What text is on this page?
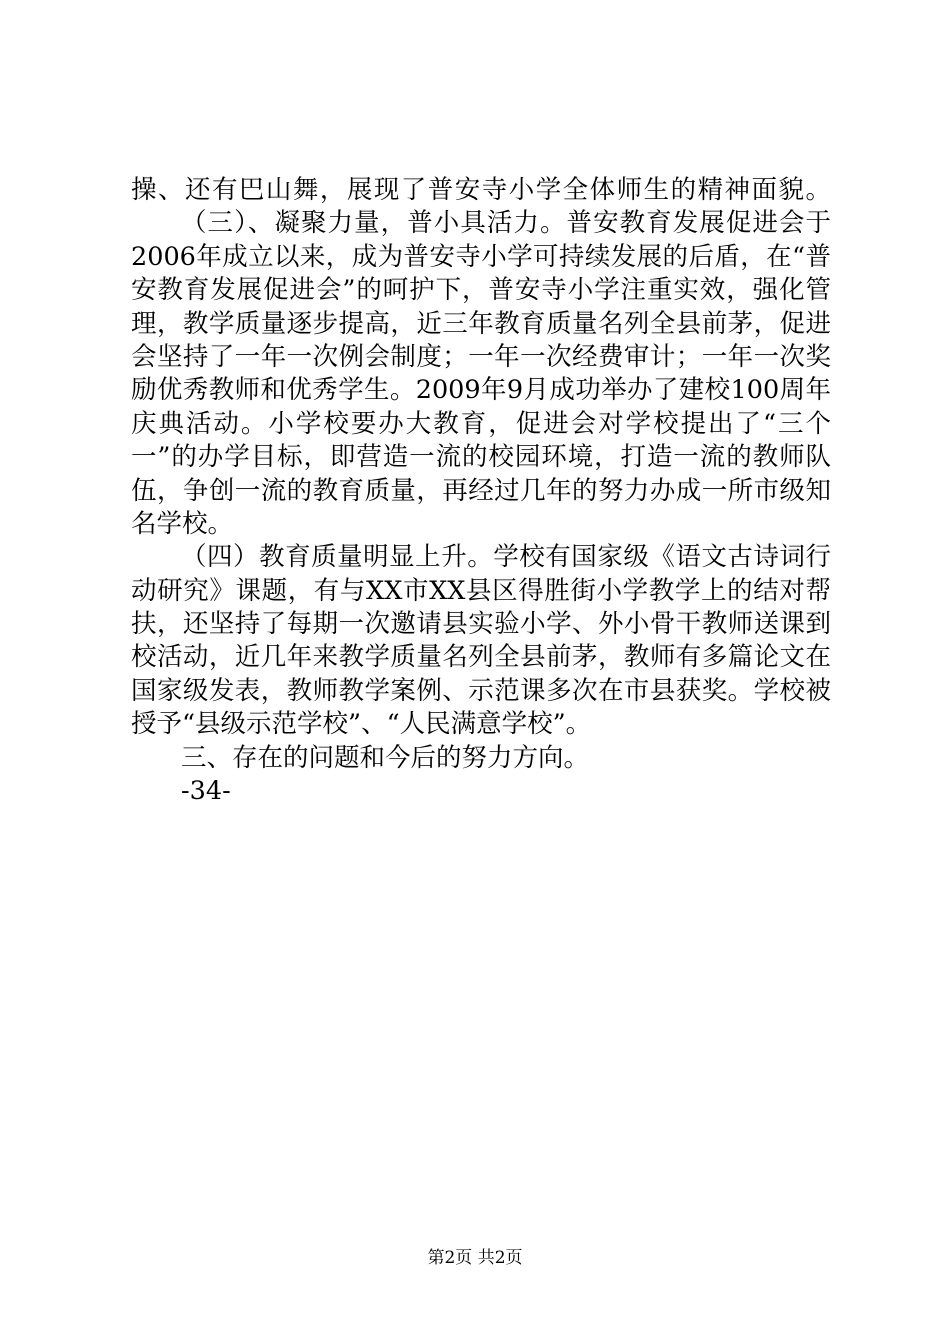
操、还有巴山舞，展现了普安寺小学全体师生的精神面貌。
（三）、凝聚力量，普小具活力。普安教育发展促进会于
2006年成立以来，成为普安寺小学可持续发展的后盾，在“普
安教育发展促进会”的呵护下，普安寺小学注重实效，强化管
理，教学质量逐步提高，近三年教育质量名列全县前茅，促进
会坚持了一年一次例会制度；一年一次经费审计；一年一次奖
励优秀教师和优秀学生。2009年9月成功举办了建校100周年
庆典活动。小学校要办大教育，促进会对学校提出了“三个
一”的办学目标，即营造一流的校园环境，打造一流的教师队
伍，争创一流的教育质量，再经过几年的努力办成一所市级知
名学校。
（四）教育质量明显上升。学校有国家级《语文古诗词行
动研究》课题，有与XX市XX县区得胜街小学教学上的结对帮
扶，还坚持了每期一次邀请县实验小学、外小骨干教师送课到
校活动，近几年来教学质量名列全县前茅，教师有多篇论文在
国家级发表，教师教学案例、示范课多次在市县获奖。学校被
授予“县级示范学校”、“人民满意学校”。
三、存在的问题和今后的努力方向。
-34-
第2页 共2页
